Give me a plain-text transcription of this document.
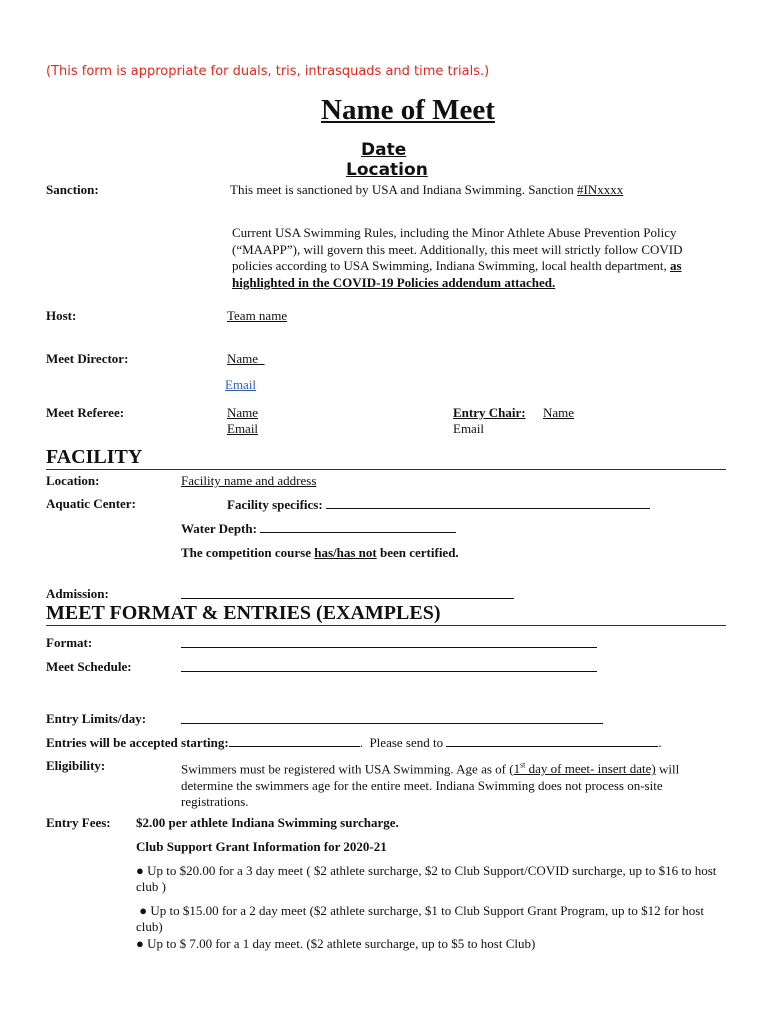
(This form is appropriate for duals, tris, intrasquads and time trials.)
Name of Meet
Date
Location
Sanction:	This meet is sanctioned by USA and Indiana Swimming. Sanction #INxxxx
Current USA Swimming Rules, including the Minor Athlete Abuse Prevention Policy (“MAAPP”), will govern this meet. Additionally, this meet will strictly follow COVID policies according to USA Swimming, Indiana Swimming, local health department, as highlighted in the COVID-19 Policies addendum attached.
Host:	Team name
Meet Director:	Name
Email
Meet Referee:	Name
Email
Entry Chair: Name
Email
FACILITY
Location:	Facility name and address
Aquatic Center:	Facility specifics:
Water Depth:
The competition course has/has not been certified.
Admission:
MEET FORMAT & ENTRIES (EXAMPLES)
Format:
Meet Schedule:
Entry Limits/day:
Entries will be accepted starting:	.  Please send to	.
Eligibility:	Swimmers must be registered with USA Swimming. Age as of (1st day of meet- insert date) will determine the swimmers age for the entire meet. Indiana Swimming does not process on-site registrations.
Entry Fees: $2.00 per athlete Indiana Swimming surcharge.
Club Support Grant Information for 2020-21
● Up to $20.00 for a 3 day meet ( $2 athlete surcharge, $2 to Club Support/COVID surcharge, up to $16 to host club )
● Up to $15.00 for a 2 day meet ($2 athlete surcharge, $1 to Club Support Grant Program, up to $12 for host club)
● Up to $ 7.00 for a 1 day meet. ($2 athlete surcharge, up to $5 to host Club)
